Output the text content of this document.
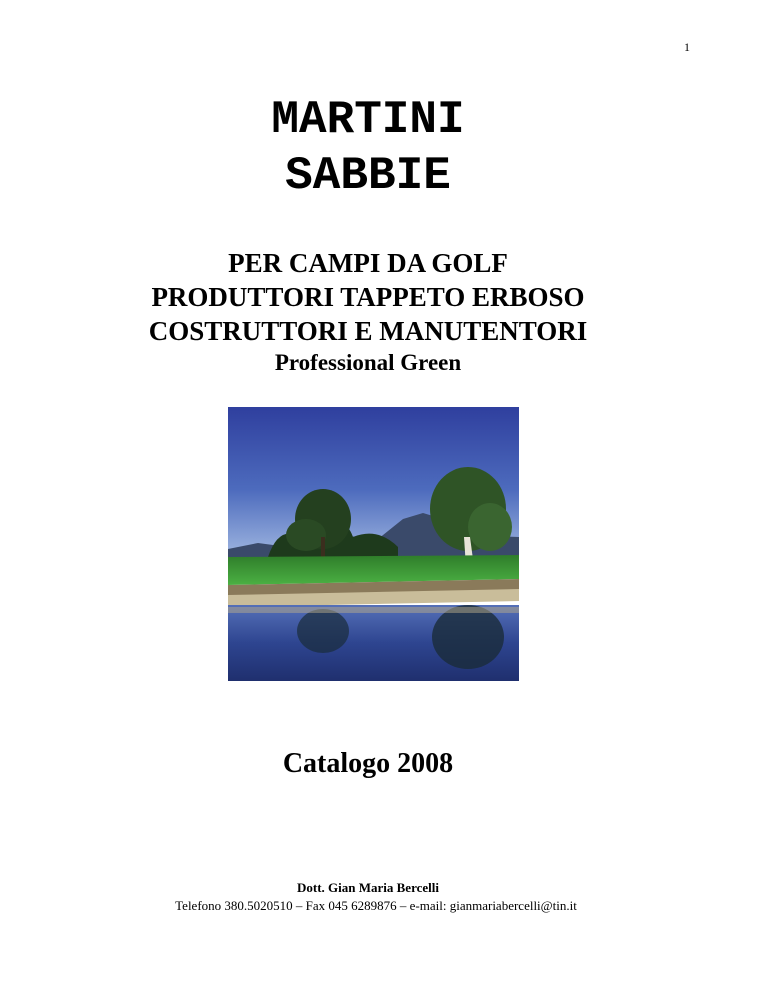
1
MARTINI
SABBIE
PER CAMPI DA GOLF
PRODUTTORI TAPPETO ERBOSO
COSTRUTTORI E MANUTENTORI
Professional Green
Catalogo 2008
Dott. Gian Maria Bercelli
Telefono 380.5020510 – Fax 045 6289876 – e-mail: gianmariabercelli@tin.it
